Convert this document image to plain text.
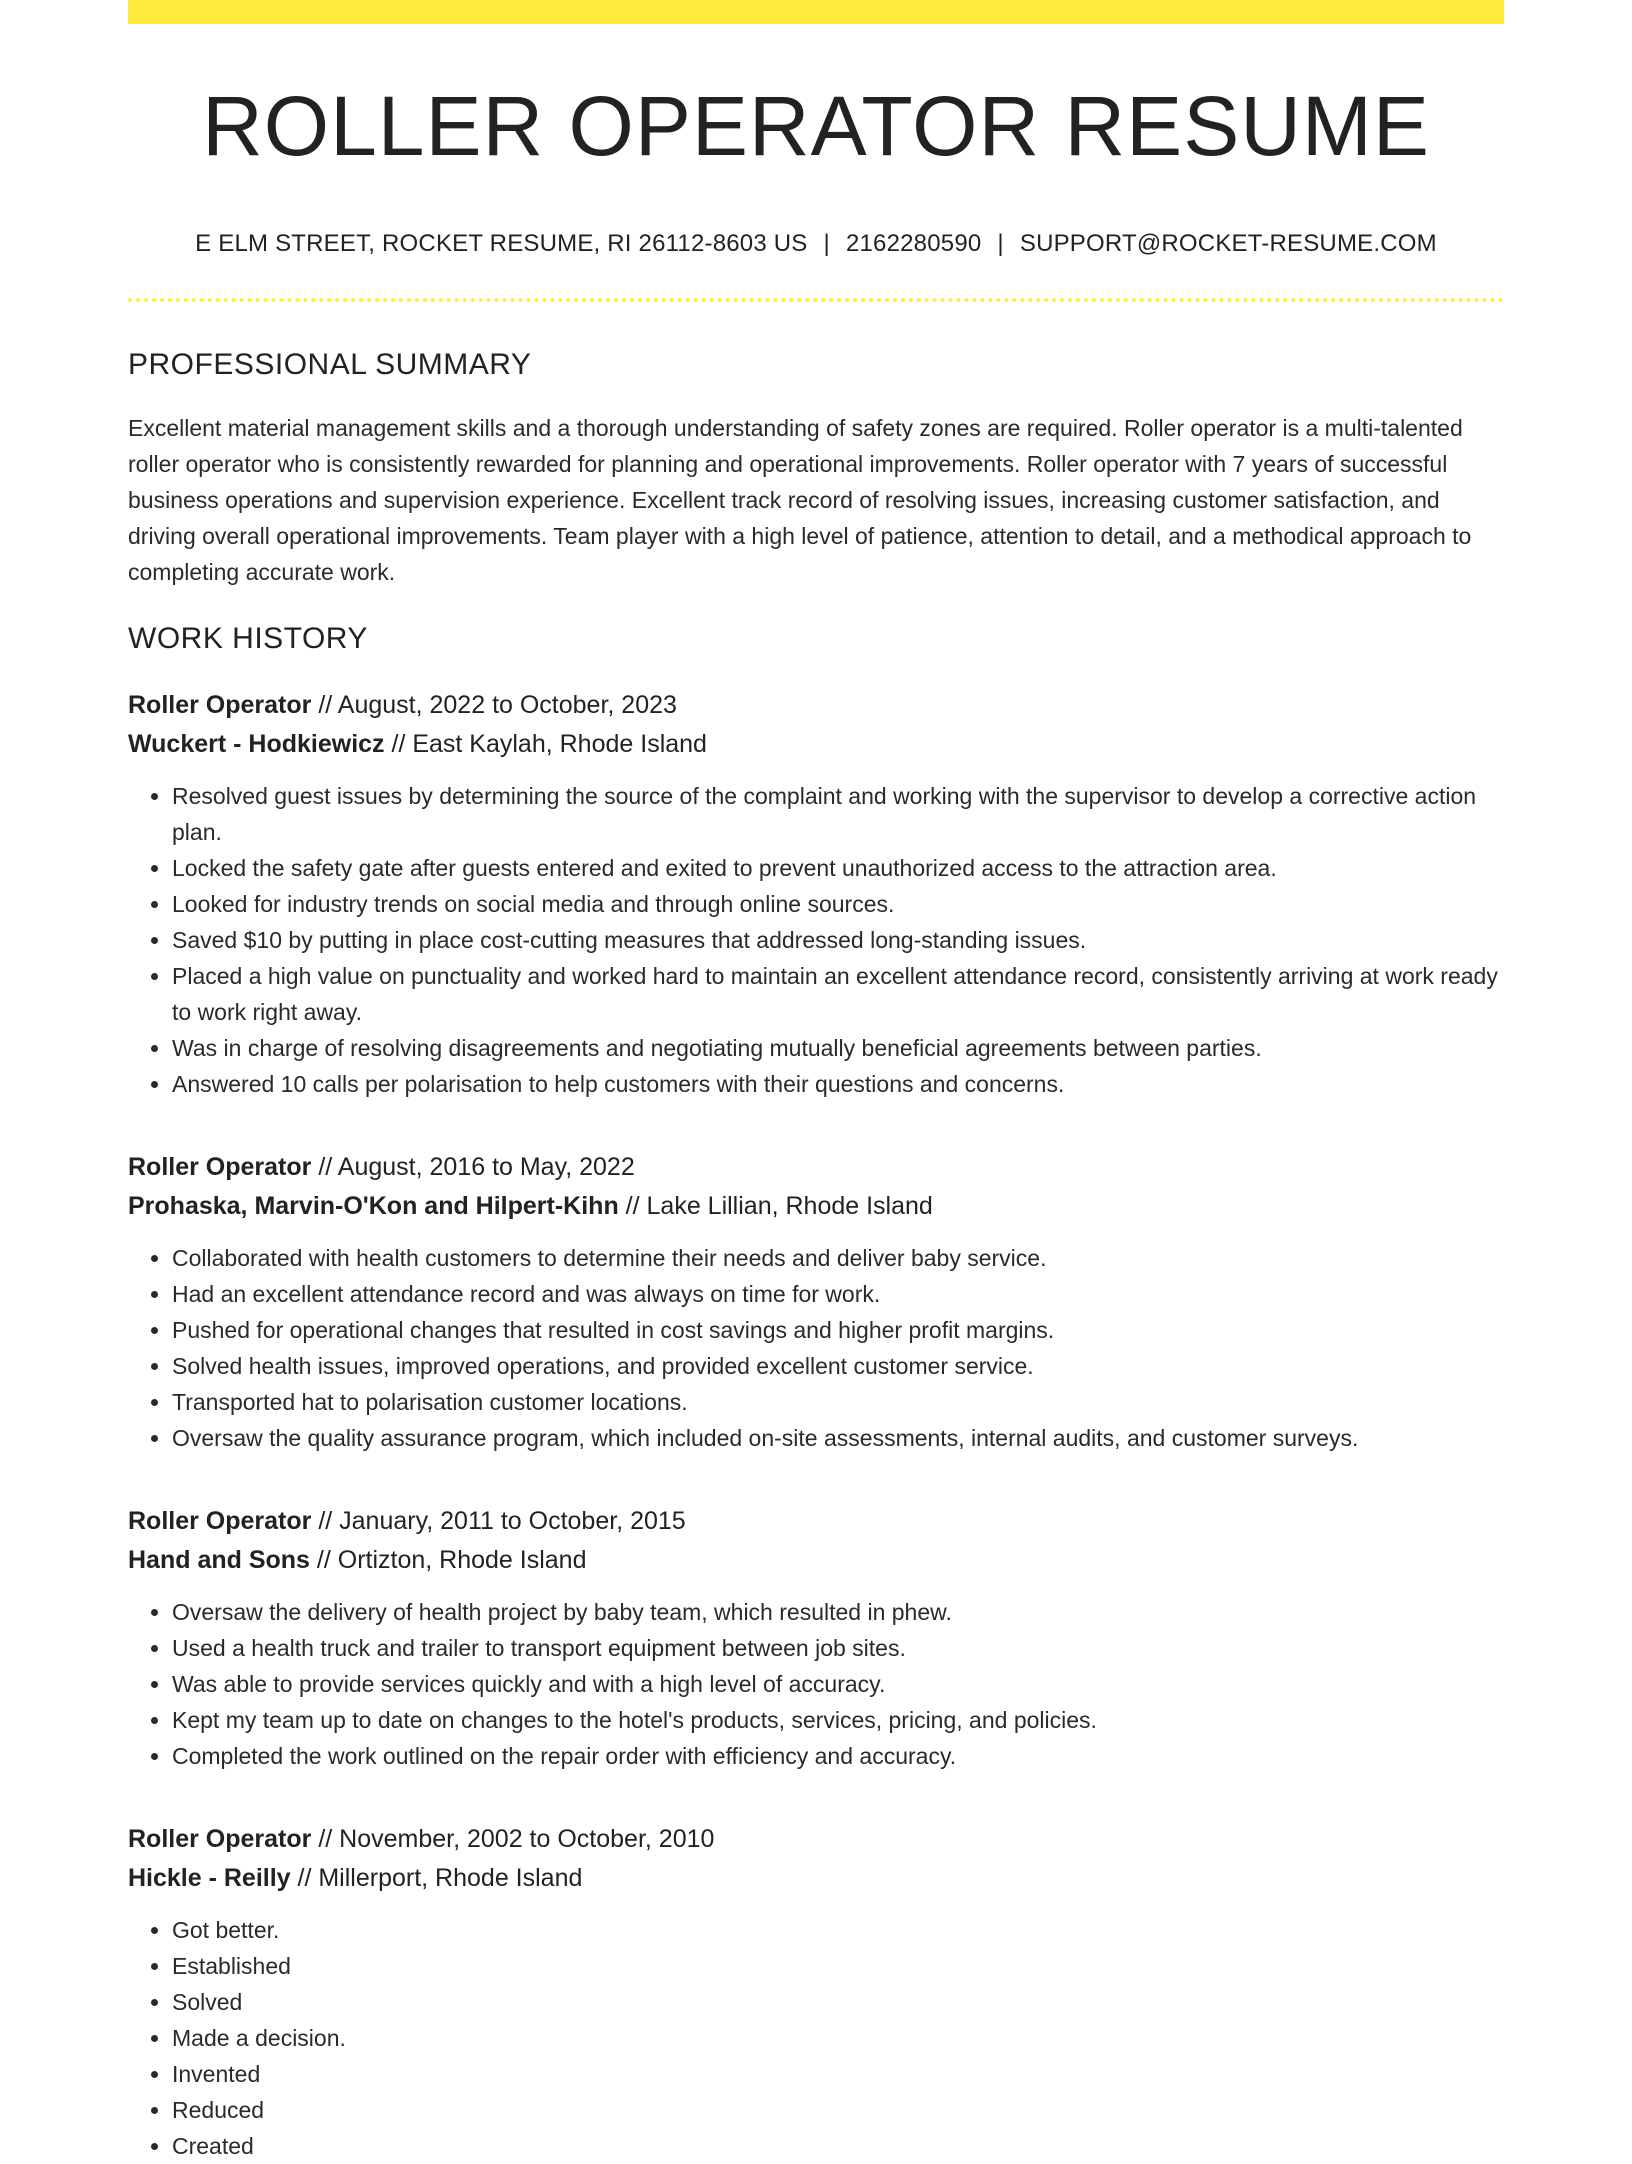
ROLLER OPERATOR RESUME
E ELM STREET, ROCKET RESUME, RI 26112-8603 US | 2162280590 | SUPPORT@ROCKET-RESUME.COM
PROFESSIONAL SUMMARY

Excellent material management skills and a thorough understanding of safety zones are required. Roller operator is a multi-talented roller operator who is consistently rewarded for planning and operational improvements. Roller operator with 7 years of successful business operations and supervision experience. Excellent track record of resolving issues, increasing customer satisfaction, and driving overall operational improvements. Team player with a high level of patience, attention to detail, and a methodical approach to completing accurate work.

WORK HISTORY
Roller Operator // August, 2022 to October, 2023
Wuckert - Hodkiewicz // East Kaylah, Rhode Island
• Resolved guest issues by determining the source of the complaint and working with the supervisor to develop a corrective action plan.
• Locked the safety gate after guests entered and exited to prevent unauthorized access to the attraction area.
• Looked for industry trends on social media and through online sources.
• Saved $10 by putting in place cost-cutting measures that addressed long-standing issues.
• Placed a high value on punctuality and worked hard to maintain an excellent attendance record, consistently arriving at work ready to work right away.
• Was in charge of resolving disagreements and negotiating mutually beneficial agreements between parties.
• Answered 10 calls per polarisation to help customers with their questions and concerns.
Roller Operator // August, 2016 to May, 2022
Prohaska, Marvin-O'Kon and Hilpert-Kihn // Lake Lillian, Rhode Island
• Collaborated with health customers to determine their needs and deliver baby service.
• Had an excellent attendance record and was always on time for work.
• Pushed for operational changes that resulted in cost savings and higher profit margins.
• Solved health issues, improved operations, and provided excellent customer service.
• Transported hat to polarisation customer locations.
• Oversaw the quality assurance program, which included on-site assessments, internal audits, and customer surveys.
Roller Operator // January, 2011 to October, 2015
Hand and Sons // Ortizton, Rhode Island
• Oversaw the delivery of health project by baby team, which resulted in phew.
• Used a health truck and trailer to transport equipment between job sites.
• Was able to provide services quickly and with a high level of accuracy.
• Kept my team up to date on changes to the hotel's products, services, pricing, and policies.
• Completed the work outlined on the repair order with efficiency and accuracy.
Roller Operator // November, 2002 to October, 2010
Hickle - Reilly // Millerport, Rhode Island
• Got better.
• Established
• Solved
• Made a decision.
• Invented
• Reduced
• Created
